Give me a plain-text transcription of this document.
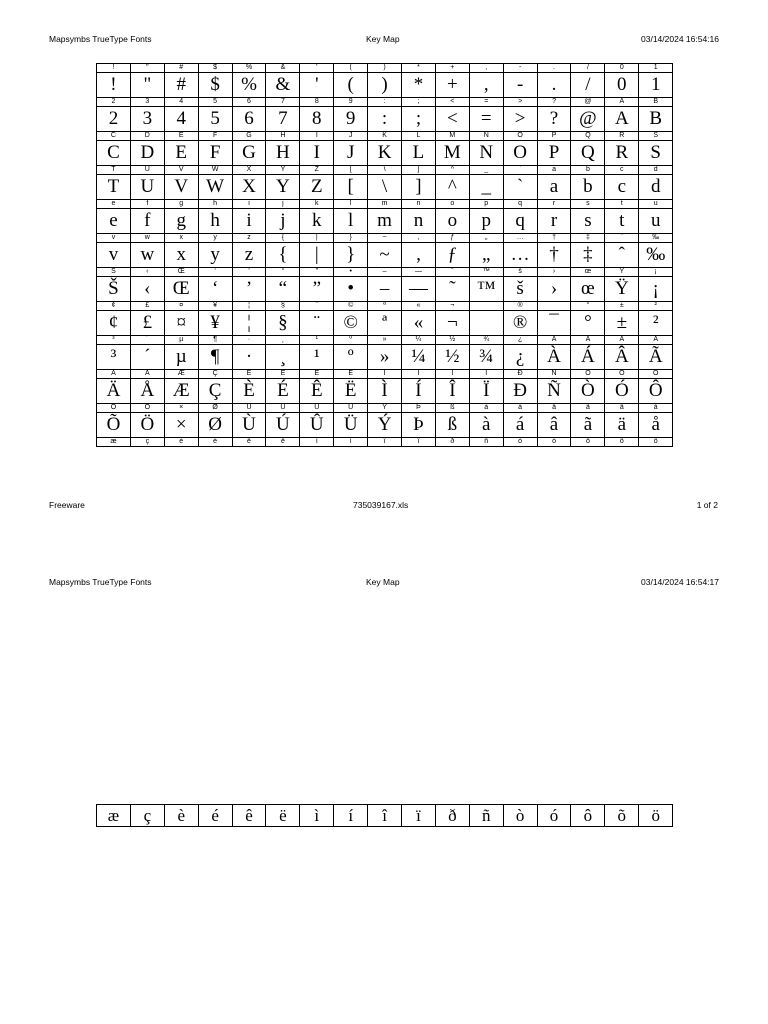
Mapsymbs TrueType Fonts	Key Map	03/14/2024 16:54:16
!	"	#	$	%	&	'	(	)	*	+	,	-	.	/	0	1
!	"	#	$	%	&	'	(	)	*	+	,	-	.	/	0	1
2	3	4	5	6	7	8	9	:	;	<	=	>	?	@	A	B
2	3	4	5	6	7	8	9	:	;	<	=	>	?	@	A	B
C	D	E	F	G	H	I	J	K	L	M	N	O	P	Q	R	S
C	D	E	F	G	H	I	J	K	L	M	N	O	P	Q	R	S
T	U	V	W	X	Y	Z	[	\	]	^	_	`	a	b	c	d
T	U	V	W	X	Y	Z	[	\	]	^	_	`	a	b	c	d
e	f	g	h	i	j	k	l	m	n	o	p	q	r	s	t	u
e	f	g	h	i	j	k	l	m	n	o	p	q	r	s	t	u
v	w	x	y	z	{	|	}	~	‚	ƒ	„	…	†	‡	ˆ	‰
v	w	x	y	z	{	|	}	~	‚	ƒ	„	…	†	‡	ˆ	‰
Š	‹	Œ	‘	’	“	”	•	–	—	˜	™	š	›	œ	Ÿ	¡
Š	‹	Œ	‘	’	“	”	•	–	—	˜	™	š	›	œ	Ÿ	¡
¢	£	¤	¥	¦	§	¨	©	ª	«	¬		®	¯	°	±	²
¢	£	¤	¥	¦	§	¨	©	ª	«	¬		®	¯	°	±	²
³	´	µ	¶	·	¸	¹	º	»	¼	½	¾	¿	À	Á	Â	Ã
³	´	µ	¶	·	¸	¹	º	»	¼	½	¾	¿	À	Á	Â	Ã
Ä	Å	Æ	Ç	È	É	Ê	Ë	Ì	Í	Î	Ï	Ð	Ñ	Ò	Ó	Ô
Ä	Å	Æ	Ç	È	É	Ê	Ë	Ì	Í	Î	Ï	Ð	Ñ	Ò	Ó	Ô
Õ	Ö	×	Ø	Ù	Ú	Û	Ü	Ý	Þ	ß	à	á	â	ã	ä	å
Õ	Ö	×	Ø	Ù	Ú	Û	Ü	Ý	Þ	ß	à	á	â	ã	ä	å
æ	ç	è	é	ê	ë	ì	í	î	ï	ð	ñ	ò	ó	ô	õ	ö
Freeware	735039167.xls	1 of 2
Mapsymbs TrueType Fonts	Key Map	03/14/2024 16:54:17
æ	ç	è	é	ê	ë	ì	í	î	ï	ð	ñ	ò	ó	ô	õ	ö
